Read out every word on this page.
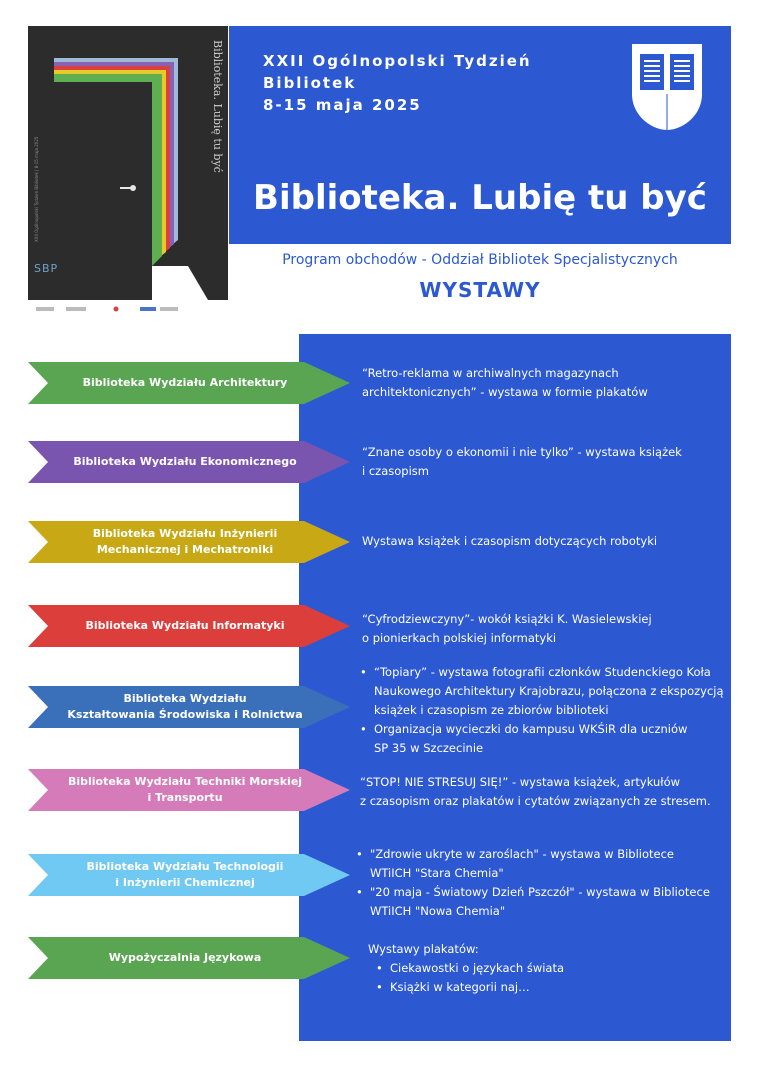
Biblioteka. Lubię tu być
XXII Ogólnopolski Tydzień Bibliotek | 8-15 maja 2025
SBP
XXII Ogólnopolski Tydzień
Bibliotek
8-15 maja 2025
Biblioteka. Lubię tu być

Program obchodów - Oddział Bibliotek Specjalistycznych

WYSTAWY
Biblioteka Wydziału Architektury

“Retro-reklama w archiwalnych magazynach

architektonicznych” - wystawa w formie plakatów

Biblioteka Wydziału Ekonomicznego

“Znane osoby o ekonomii i nie tylko” - wystawa książek

i czasopism

Biblioteka Wydziału Inżynierii
Mechanicznej i Mechatroniki

Wystawa książek i czasopism dotyczących robotyki

Biblioteka Wydziału Informatyki	“Cyfrodziewczyny”- wokół książki K. Wasielewskiej

o pionierkach polskiej informatyki

Biblioteka Wydziału
Kształtowania Środowiska i Rolnictwa
• “Topiary” - wystawa fotografii członków Studenckiego Koła
Naukowego Architektury Krajobrazu, połączona z ekspozycją
książek i czasopism ze zbiorów biblioteki
• Organizacja wycieczki do kampusu WKŚiR dla uczniów
SP 35 w Szczecinie
Biblioteka Wydziału Techniki Morskiej
i Transportu

“STOP! NIE STRESUJ SIĘ!” - wystawa książek, artykułów

z czasopism oraz plakatów i cytatów związanych ze stresem.

Biblioteka Wydziału Technologii
i Inżynierii Chemicznej
• "Zdrowie ukryte w zaroślach" - wystawa w Bibliotece
WTiICH "Stara Chemia"
• "20 maja - Światowy Dzień Pszczół" - wystawa w Bibliotece
WTiICH "Nowa Chemia"
Wypożyczalnia Językowa

Wystawy plakatów:

• Ciekawostki o językach świata
• Książki w kategorii naj…
